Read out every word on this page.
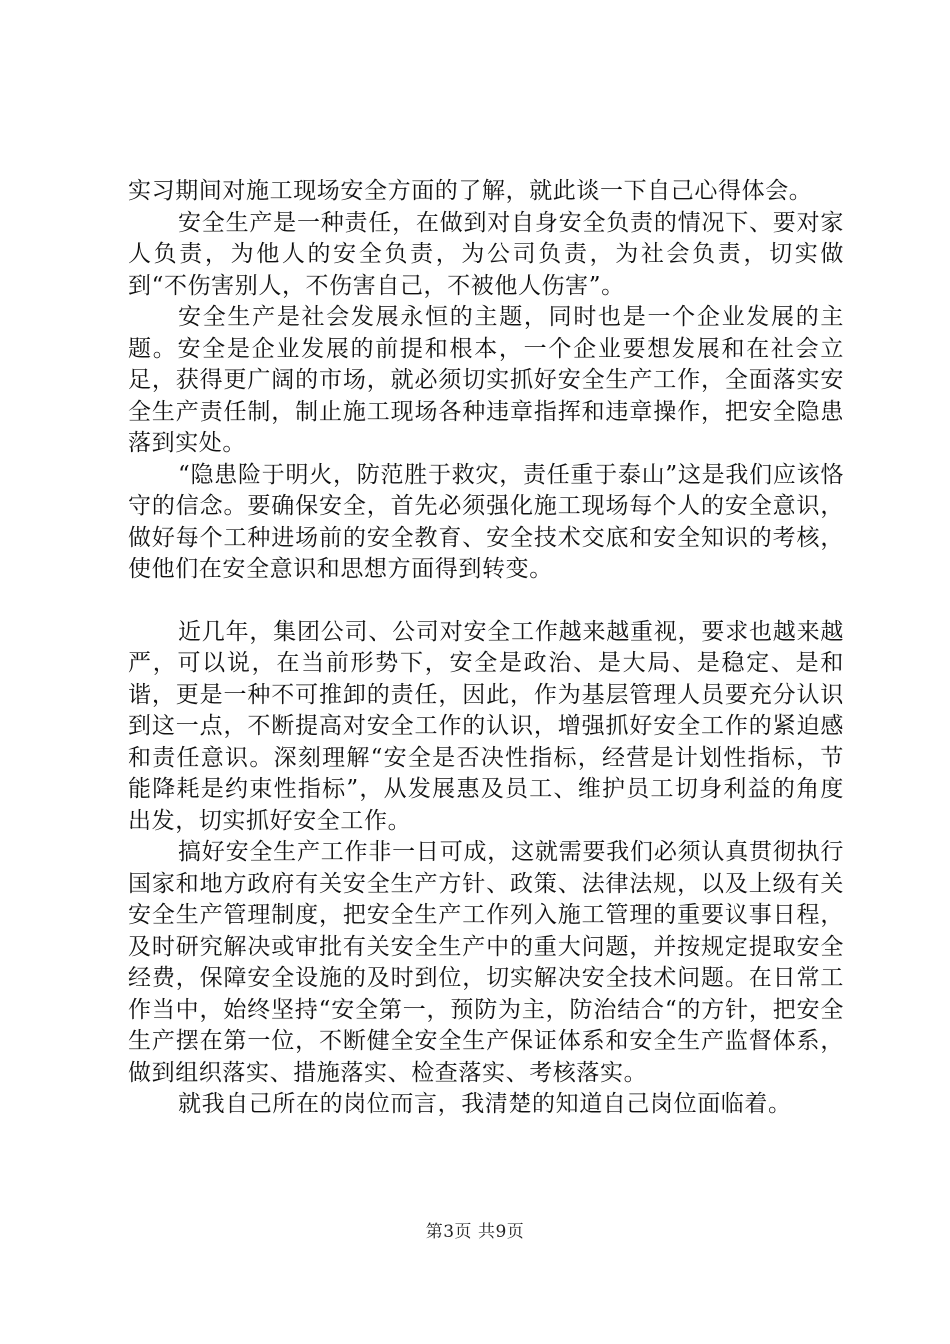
实习期间对施工现场安全方面的了解，就此谈一下自己心得体会。

安全生产是一种责任，在做到对自身安全负责的情况下、要对家人负责，为他人的安全负责，为公司负责，为社会负责，切实做到“不伤害别人，不伤害自己，不被他人伤害”。

安全生产是社会发展永恒的主题，同时也是一个企业发展的主题。安全是企业发展的前提和根本，一个企业要想发展和在社会立足，获得更广阔的市场，就必须切实抓好安全生产工作，全面落实安全生产责任制，制止施工现场各种违章指挥和违章操作，把安全隐患落到实处。

“隐患险于明火，防范胜于救灾，责任重于泰山”这是我们应该恪守的信念。要确保安全，首先必须强化施工现场每个人的安全意识，做好每个工种进场前的安全教育、安全技术交底和安全知识的考核，使他们在安全意识和思想方面得到转变。

近几年，集团公司、公司对安全工作越来越重视，要求也越来越严，可以说，在当前形势下，安全是政治、是大局、是稳定、是和谐，更是一种不可推卸的责任，因此，作为基层管理人员要充分认识到这一点，不断提高对安全工作的认识，增强抓好安全工作的紧迫感和责任意识。深刻理解“安全是否决性指标，经营是计划性指标，节能降耗是约束性指标”，从发展惠及员工、维护员工切身利益的角度出发，切实抓好安全工作。

搞好安全生产工作非一日可成，这就需要我们必须认真贯彻执行国家和地方政府有关安全生产方针、政策、法律法规，以及上级有关安全生产管理制度，把安全生产工作列入施工管理的重要议事日程，及时研究解决或审批有关安全生产中的重大问题，并按规定提取安全经费，保障安全设施的及时到位，切实解决安全技术问题。在日常工作当中，始终坚持“安全第一，预防为主，防治结合“的方针，把安全生产摆在第一位，不断健全安全生产保证体系和安全生产监督体系，做到组织落实、措施落实、检查落实、考核落实。

就我自己所在的岗位而言，我清楚的知道自己岗位面临着。

第3页 共9页
